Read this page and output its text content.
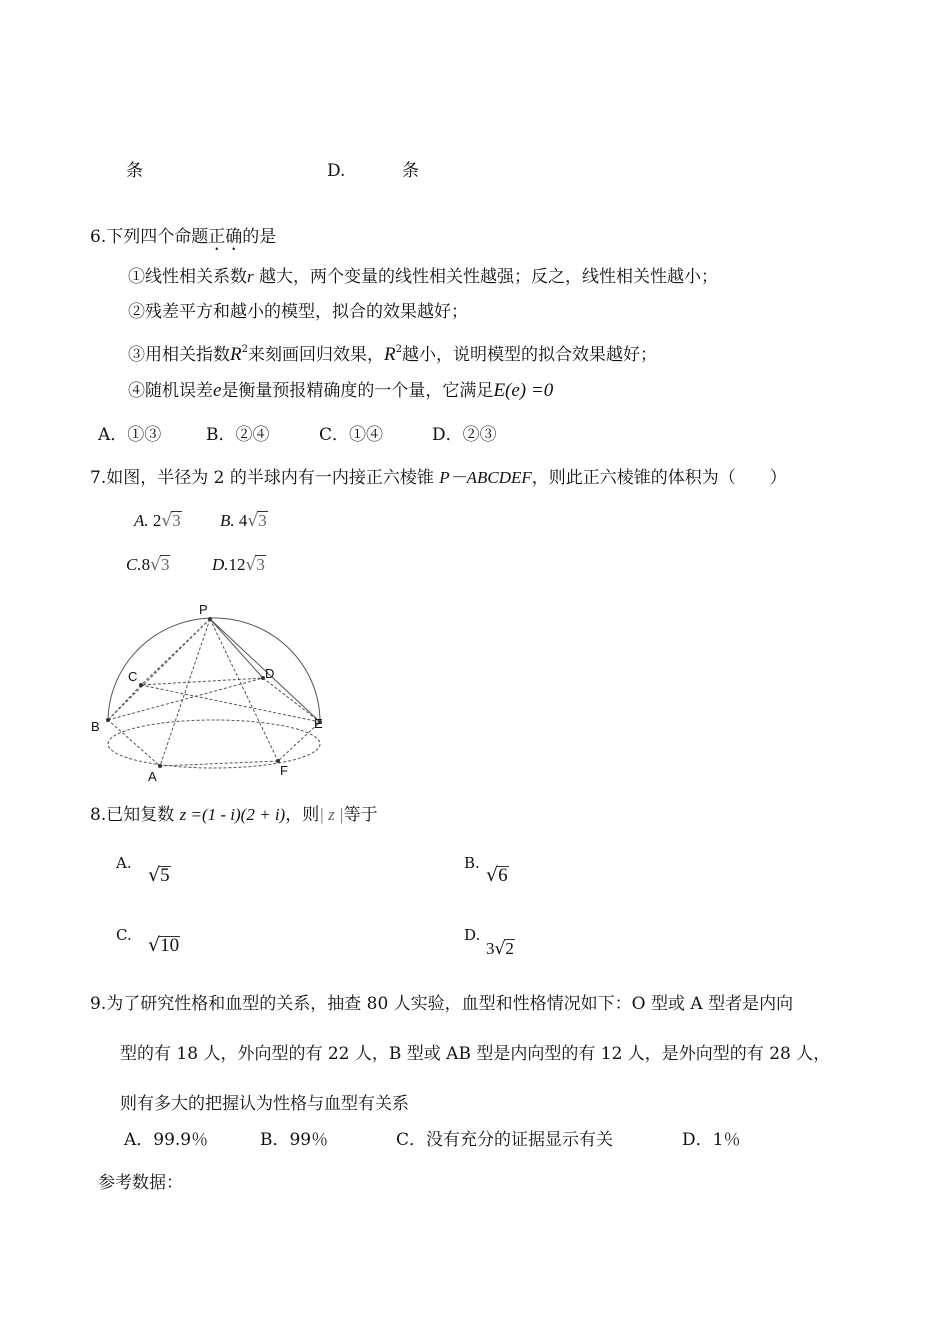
条	D.	条
6.下列四个命题正确的是
①线性相关系数r 越大，两个变量的线性相关性越强；反之，线性相关性越小；
②残差平方和越小的模型，拟合的效果越好；
③用相关指数$R^2$来刻画回归效果，$R^2$越小，说明模型的拟合效果越好；
④随机误差e是衡量预报精确度的一个量，它满足E(e) =0
A．①③	B．②④	C．①④	D．②③
7.如图，半径为 2 的半球内有一内接正六棱锥 P－ABCDEF，则此正六棱锥的体积为（　　）
A. 2√3 B. 4√3
C.8√3	D.12√3
P
C	D
B	E
A	F
8.已知复数 z =(1 - i)(2 + i)，则| z |等于
A.
√5
B.
√6
C. √10	D.
3√2
9.为了研究性格和血型的关系，抽查 80 人实验，血型和性格情况如下：O 型或 A 型者是内向
型的有 18 人，外向型的有 22 人，B 型或 AB 型是内向型的有 12 人，是外向型的有 28 人，
则有多大的把握认为性格与血型有关系
A．99.9％	B．99％	C．没有充分的证据显示有关	D．1％
参考数据：
